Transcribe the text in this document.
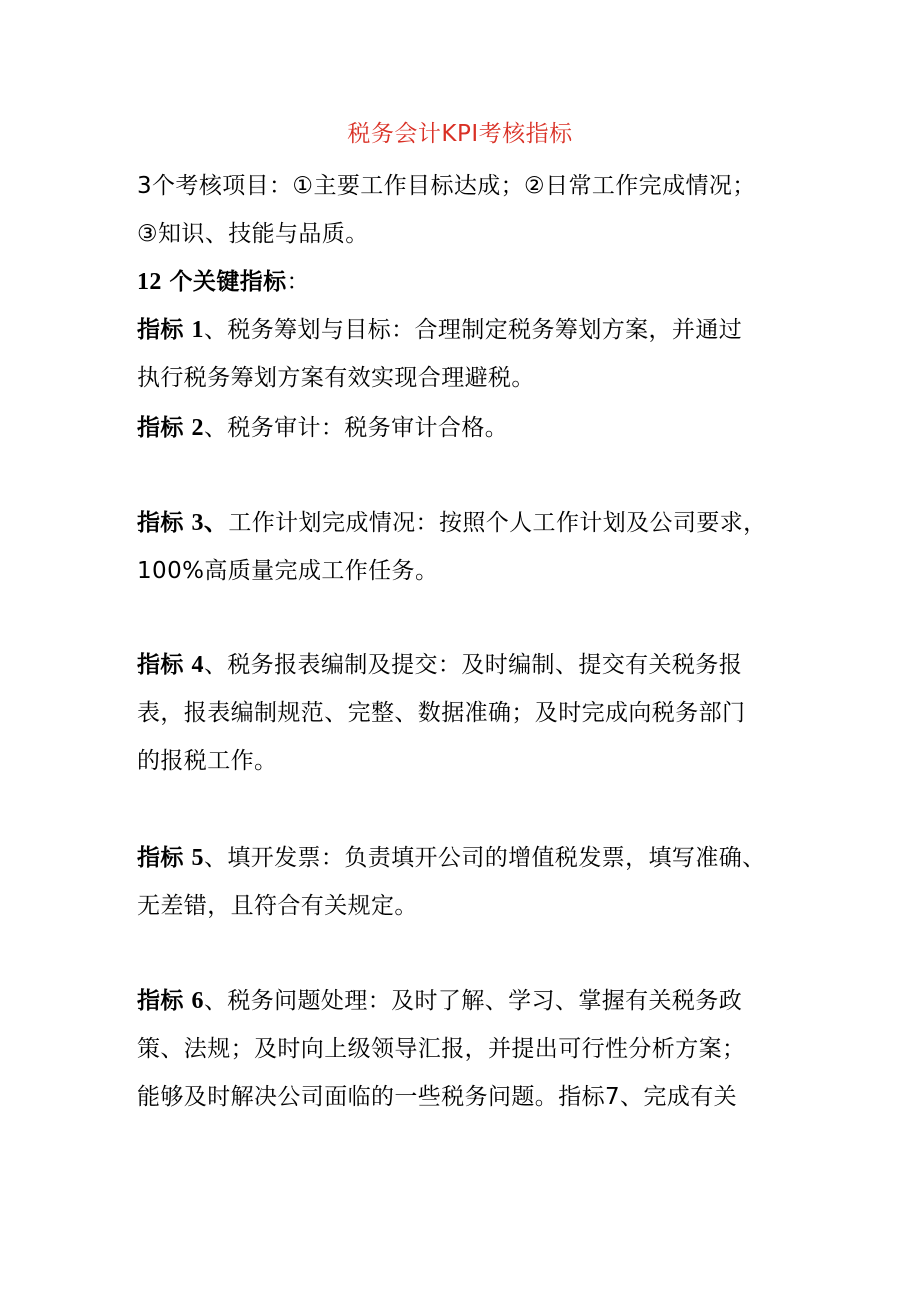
税务会计KPI考核指标
3个考核项目：①主要工作目标达成；②日常工作完成情况；
③知识、技能与品质。
12 个关键指标：
指标 1、税务筹划与目标：合理制定税务筹划方案，并通过
执行税务筹划方案有效实现合理避税。
指标 2、税务审计：税务审计合格。
指标 3、工作计划完成情况：按照个人工作计划及公司要求，
100%高质量完成工作任务。
指标 4、税务报表编制及提交：及时编制、提交有关税务报
表，报表编制规范、完整、数据准确；及时完成向税务部门
的报税工作。
指标 5、填开发票：负责填开公司的增值税发票，填写准确、
无差错，且符合有关规定。
指标 6、税务问题处理：及时了解、学习、掌握有关税务政
策、法规；及时向上级领导汇报，并提出可行性分析方案；
能够及时解决公司面临的一些税务问题。指标7、完成有关
